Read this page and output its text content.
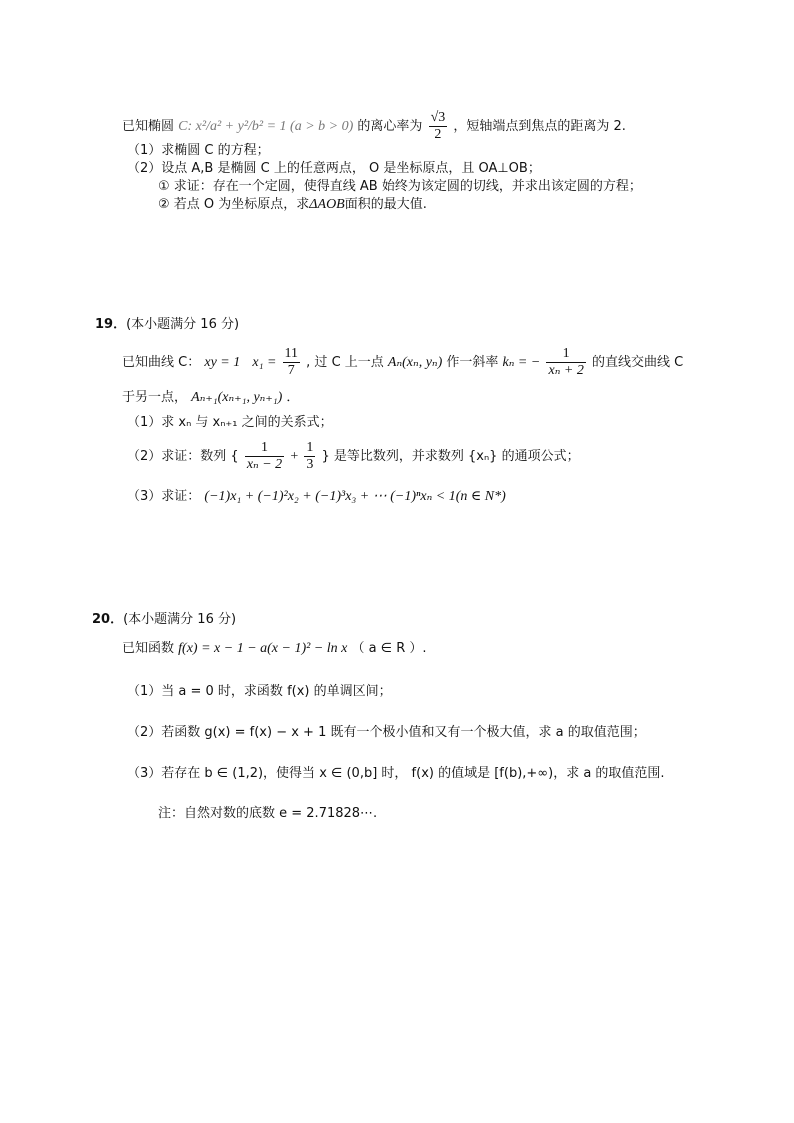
已知椭圆 C: x²/a² + y²/b² = 1 (a > b > 0) 的离心率为 $\frac{√3}{2}$ ，短轴端点到焦点的距离为 2.
（1）求椭圆 C 的方程；
（2）设点 A,B 是椭圆 C 上的任意两点， O 是坐标原点，且 OA⊥OB；
① 求证：存在一个定圆，使得直线 AB 始终为该定圆的切线，并求出该定圆的方程；
② 若点 O 为坐标原点，求ΔAOB面积的最大值.
19．(本小题满分 16 分)
已知曲线 C： xy = 1 $x_1 = \frac{11}{7}$ , 过 C 上一点 Aₙ(xₙ, yₙ) 作一斜率 kₙ = − $\frac{1}{\text{xₙ + 2}}$ 的直线交曲线 C
于另一点， Aₙ₊₁(xₙ₊₁, yₙ₊₁) ．
（1）求 xₙ 与 xₙ₊₁ 之间的关系式；
（2）求证：数列 { $\frac{1}{\text{xₙ − 2}} + \frac{1}{3}$ } 是等比数列，并求数列 {xₙ} 的通项公式；
（3）求证： (−1)x₁ + (−1)²x₂ + (−1)³x₃ + ⋯ (−1)ⁿxₙ < 1(n ∈ N*)
20．(本小题满分 16 分)
已知函数 f(x) = x − 1 − a(x − 1)² − ln x （ a ∈ R ）.
（1）当 a = 0 时，求函数 f(x) 的单调区间；
（2）若函数 g(x) = f(x) − x + 1 既有一个极小值和又有一个极大值，求 a 的取值范围；
（3）若存在 b ∈ (1,2)，使得当 x ∈ (0,b] 时， f(x) 的值域是 [f(b),+∞)，求 a 的取值范围.
注：自然对数的底数 e = 2.71828⋯.
